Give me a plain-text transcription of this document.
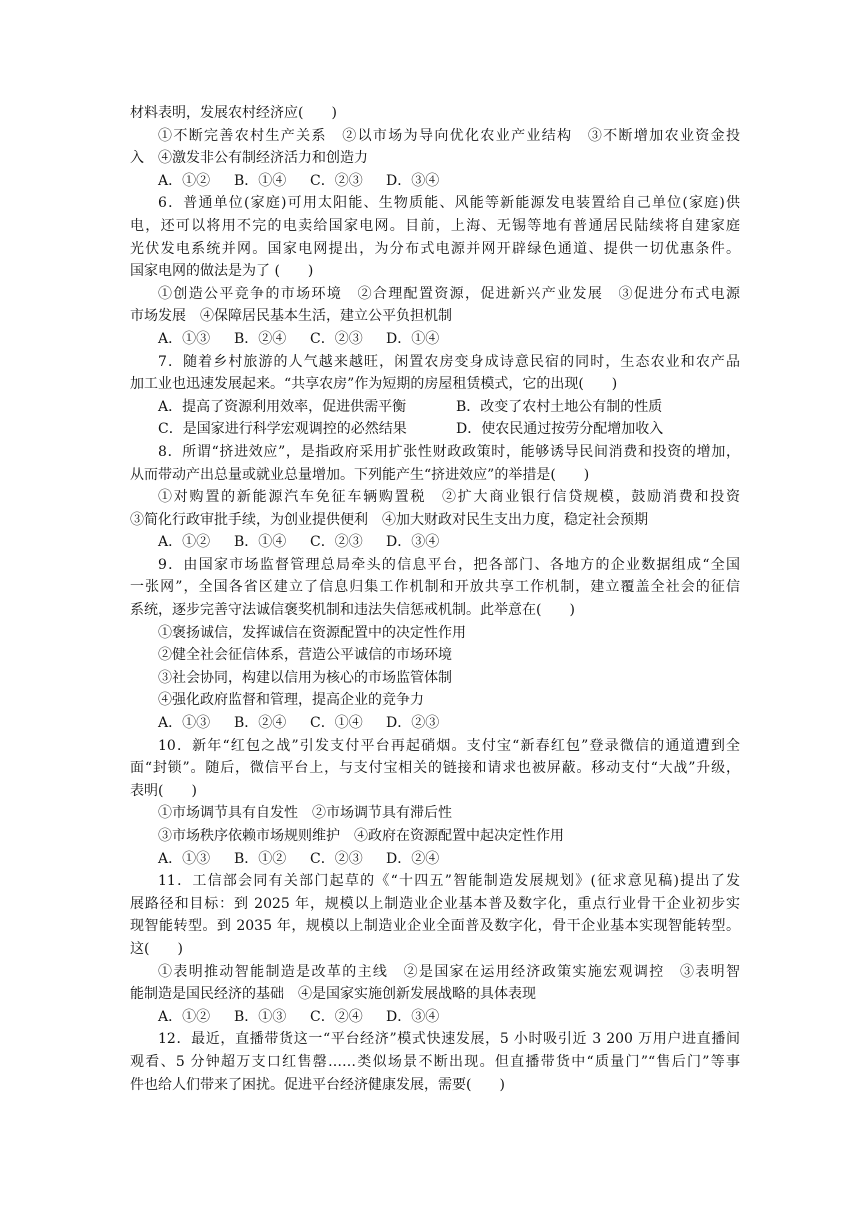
材料表明，发展农村经济应(　　)
①不断完善农村生产关系　②以市场为导向优化农业产业结构　③不断增加农业资金投
入　④激发非公有制经济活力和创造力
A．①② B．①④ C．②③ D．③④
6．普通单位(家庭)可用太阳能、生物质能、风能等新能源发电装置给自己单位(家庭)供
电，还可以将用不完的电卖给国家电网。目前，上海、无锡等地有普通居民陆续将自建家庭
光伏发电系统并网。国家电网提出，为分布式电源并网开辟绿色通道、提供一切优惠条件。
国家电网的做法是为了 (　　)
①创造公平竞争的市场环境　②合理配置资源，促进新兴产业发展　③促进分布式电源
市场发展　④保障居民基本生活，建立公平负担机制
A．①③ B．②④ C．②③ D．①④
7．随着乡村旅游的人气越来越旺，闲置农房变身成诗意民宿的同时，生态农业和农产品
加工业也迅速发展起来。“共享农房”作为短期的房屋租赁模式，它的出现(　　)
A．提高了资源利用效率，促进供需平衡	B．改变了农村土地公有制的性质
C．是国家进行科学宏观调控的必然结果	D．使农民通过按劳分配增加收入
8．所谓“挤进效应”，是指政府采用扩张性财政政策时，能够诱导民间消费和投资的增加，
从而带动产出总量或就业总量增加。下列能产生“挤进效应”的举措是(　　)
①对购置的新能源汽车免征车辆购置税　②扩大商业银行信贷规模，鼓励消费和投资
③简化行政审批手续，为创业提供便利　④加大财政对民生支出力度，稳定社会预期
A．①② B．①④ C．②③ D．③④
9．由国家市场监督管理总局牵头的信息平台，把各部门、各地方的企业数据组成“全国
一张网”，全国各省区建立了信息归集工作机制和开放共享工作机制，建立覆盖全社会的征信
系统，逐步完善守法诚信褒奖机制和违法失信惩戒机制。此举意在(　　)
①褒扬诚信，发挥诚信在资源配置中的决定性作用
②健全社会征信体系，营造公平诚信的市场环境
③社会协同，构建以信用为核心的市场监管体制
④强化政府监督和管理，提高企业的竞争力
A．①③ B．②④ C．①④ D．②③
10．新年“红包之战”引发支付平台再起硝烟。支付宝“新春红包”登录微信的通道遭到全
面“封锁”。随后，微信平台上，与支付宝相关的链接和请求也被屏蔽。移动支付“大战”升级，
表明(　　)
①市场调节具有自发性　②市场调节具有滞后性
③市场秩序依赖市场规则维护　④政府在资源配置中起决定性作用
A．①③ B．①② C．②③ D．②④
11．工信部会同有关部门起草的《“十四五”智能制造发展规划》(征求意见稿)提出了发
展路径和目标：到 2025 年，规模以上制造业企业基本普及数字化，重点行业骨干企业初步实
现智能转型。到 2035 年，规模以上制造业企业全面普及数字化，骨干企业基本实现智能转型。
这(　　)
①表明推动智能制造是改革的主线　②是国家在运用经济政策实施宏观调控　③表明智
能制造是国民经济的基础　④是国家实施创新发展战略的具体表现
A．①② B．①③ C．②④ D．③④
12．最近，直播带货这一“平台经济”模式快速发展，5 小时吸引近 3 200 万用户进直播间
观看、5 分钟超万支口红售罄……类似场景不断出现。但直播带货中“质量门”“售后门”等事
件也给人们带来了困扰。促进平台经济健康发展，需要(　　)
